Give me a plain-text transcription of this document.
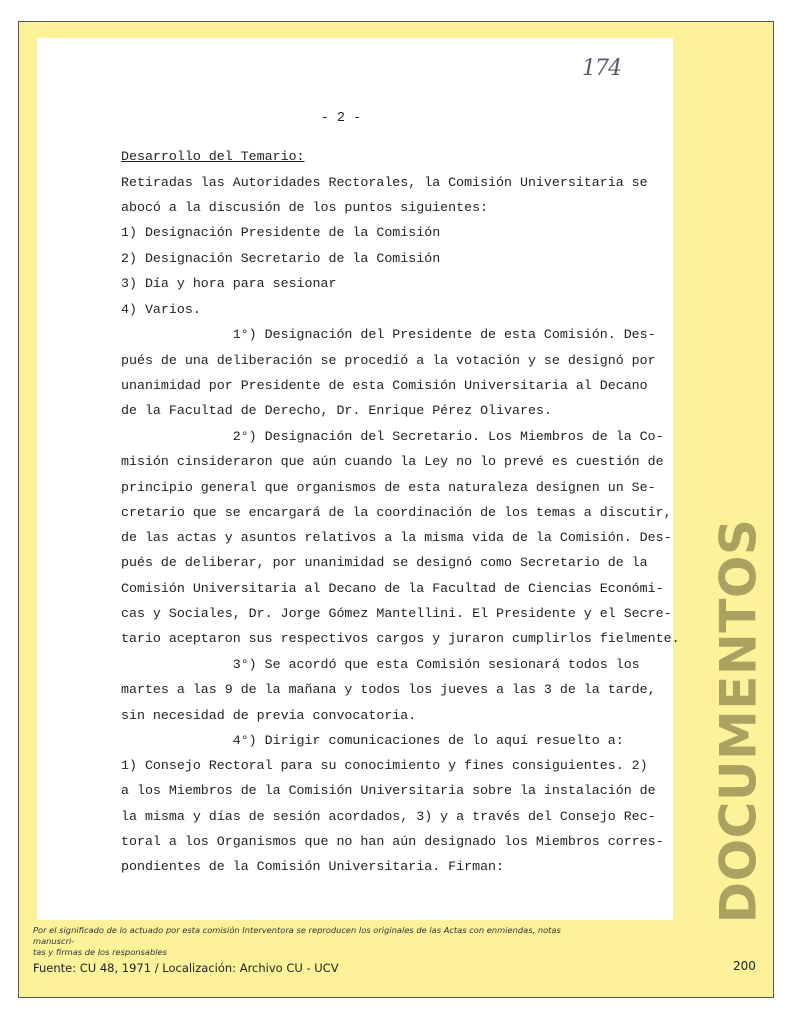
174
- 2 -
Desarrollo del Temario:
Retiradas las Autoridades Rectorales, la Comisión Universitaria se
abocó a la discusión de los puntos siguientes:
1) Designación Presidente de la Comisión
2) Designación Secretario de la Comisión
3) Día y hora para sesionar
4) Varios.
1°) Designación del Presidente de esta Comisión. Des-
pués de una deliberación se procedió a la votación y se designó por
unanimidad por Presidente de esta Comisión Universitaria al Decano
de la Facultad de Derecho, Dr. Enrique Pérez Olivares.
2°) Designación del Secretario. Los Miembros de la Co-
misión cinsideraron que aún cuando la Ley no lo prevé es cuestión de
principio general que organismos de esta naturaleza designen un Se-
cretario que se encargará de la coordinación de los temas a discutir,
de las actas y asuntos relativos a la misma vida de la Comisión. Des-
pués de deliberar, por unanimidad se designó como Secretario de la
Comisión Universitaria al Decano de la Facultad de Ciencias Económi-
cas y Sociales, Dr. Jorge Gómez Mantellini. El Presidente y el Secre-
tario aceptaron sus respectivos cargos y juraron cumplirlos fielmente.
3°) Se acordó que esta Comisión sesionará todos los
martes a las 9 de la mañana y todos los jueves a las 3 de la tarde,
sin necesidad de previa convocatoria.
4°) Dirigir comunicaciones de lo aquí resuelto a:
1) Consejo Rectoral para su conocimiento y fines consiguientes. 2)
a los Miembros de la Comisión Universitaria sobre la instalación de
la misma y días de sesión acordados, 3) y a través del Consejo Rec-
toral a los Organismos que no han aún designado los Miembros corres-
pondientes de la Comisión Universitaria. Firman:	DOCUMENTOS
Por el significado de lo actuado por esta comisión Interventora se reproducen los originales de las Actas con enmiendas, notas manuscri-
tas y firmas de los responsables
Fuente: CU 48, 1971 / Localización: Archivo CU - UCV	200
